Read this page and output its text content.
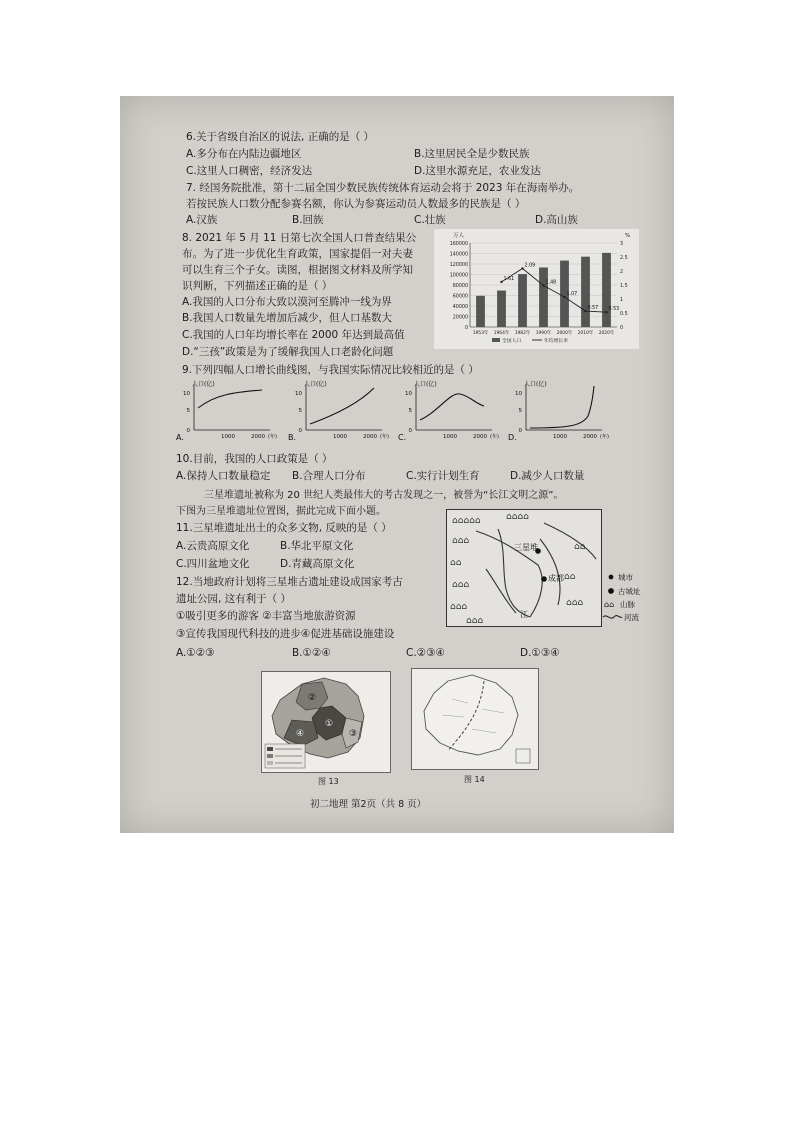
6.关于省级自治区的说法, 正确的是（ ）
A.多分布在内陆边疆地区	B.这里居民全是少数民族
C.这里人口稠密，经济发达	D.这里水源充足，农业发达
7. 经国务院批准，第十二届全国少数民族传统体育运动会将于 2023 年在海南举办。
若按民族人口数分配参赛名额，你认为参赛运动员人数最多的民族是（ ）
A.汉族	B.回族	C.壮族	D.高山族
8. 2021 年 5 月 11 日第七次全国人口普查结果公
布。为了进一步优化生育政策，国家提倡一对夫妻
可以生育三个子女。读图，根据图文材料及所学知
识判断，下列描述正确的是（ ）
A.我国的人口分布大致以漠河至腾冲一线为界
B.我国人口数量先增加后减少，但人口基数大
C.我国的人口年均增长率在 2000 年达到最高值
D.“三孩”政策是为了缓解我国人口老龄化问题
万人	%
0
20000
40000
60000
80000
100000
120000
140000
160000
0
0.5
1
1.5
2
2.5
3
1953年 1964年 1982年 1990年 2000年 2010年 2020年
1.61
2.09
1.48
1.07
0.57 0.53
全国人口	年均增长率
9.下列四幅人口增长曲线图，与我国实际情况比较相近的是（ ）
人口(亿)
10
5
0
1000	2000 (年)
A.
人口(亿)
10
5
0
1000	2000 (年)
B.
人口(亿)
10
5
0
1000	2000 (年)
C.
人口(亿)
10
5
0
1000	2000 (年)
D.
10.目前，我国的人口政策是（ ）
A.保持人口数量稳定 B.合理人口分布	C.实行计划生育	D.减少人口数量
三星堆遗址被称为 20 世纪人类最伟大的考古发现之一，被誉为“长江文明之源”。
下图为三星堆遗址位置图，据此完成下面小题。
11.三星堆遗址出土的众多文物, 反映的是（ ）
A.云贵高原文化	B.华北平原文化
C.四川盆地文化	D.青藏高原文化
12.当地政府计划将三星堆古遗址建设成国家考古
遗址公园, 这有利于（ ）
①吸引更多的游客 ②丰富当地旅游资源
③宣传我国现代科技的进步④促进基础设施建设
A.①②③	B.①②④	C.②③④	D.①③④
⌂⌂⌂⌂⌂	⌂⌂⌂⌂
⌂⌂⌂
⌂⌂
⌂⌂⌂
⌂⌂⌂
⌂⌂⌂
⌂⌂
⌂⌂
⌂⌂⌂
三星堆
成都
江
城市
古城址
⌂⌂ 山脉
河流
②
①
③
④
图 13	图 14
初二地理 第2页（共 8 页）
